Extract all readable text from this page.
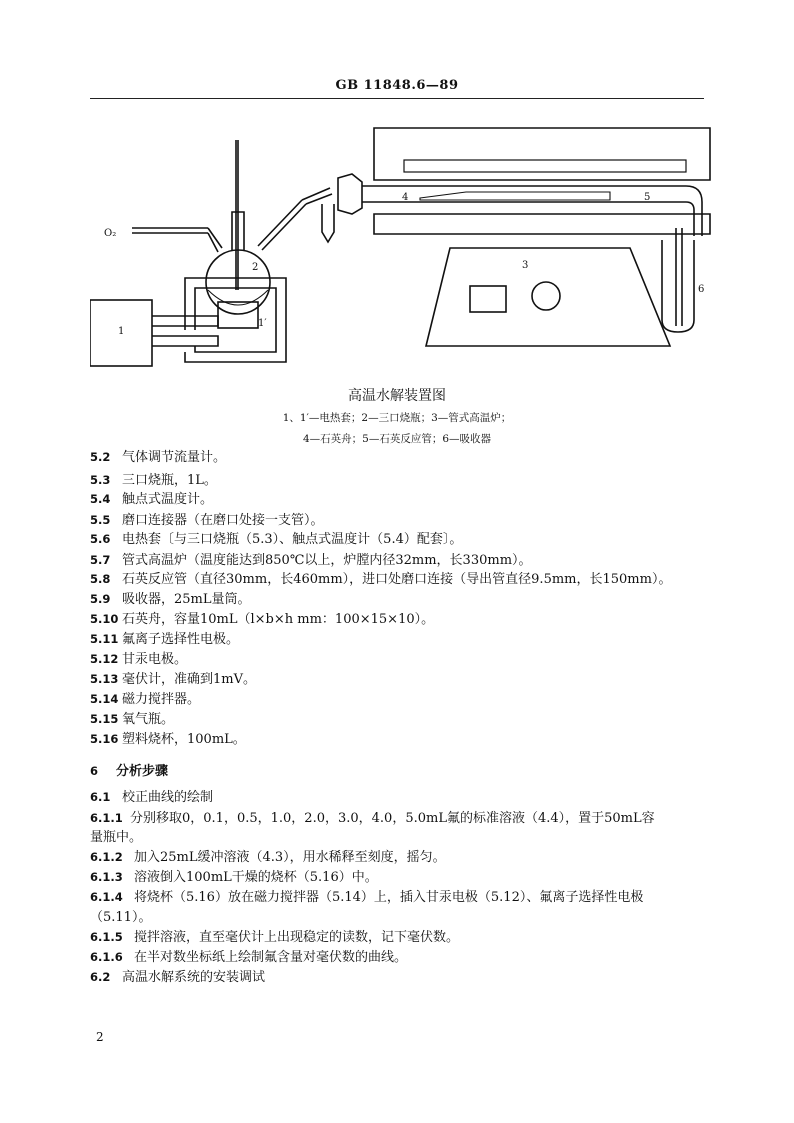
GB 11848.6—89
O₂
1
1′
2	3
4	5
6
高温水解装置图
1、1′—电热套；2—三口烧瓶；3—管式高温炉；
4—石英舟；5—石英反应管；6—吸收器
5.2 气体调节流量计。
5.3 三口烧瓶，1L。
5.4 触点式温度计。
5.5 磨口连接器（在磨口处接一支管）。
5.6 电热套〔与三口烧瓶（5.3）、触点式温度计（5.4）配套〕。
5.7 管式高温炉（温度能达到850℃以上，炉膛内径32mm，长330mm）。
5.8 石英反应管（直径30mm，长460mm），进口处磨口连接（导出管直径9.5mm，长150mm）。
5.9 吸收器，25mL量筒。
5.10 石英舟，容量10mL（l×b×h mm：100×15×10）。
5.11 氟离子选择性电极。
5.12 甘汞电极。
5.13 毫伏计，准确到1mV。
5.14 磁力搅拌器。
5.15 氧气瓶。
5.16 塑料烧杯，100mL。
6 分析步骤
6.1 校正曲线的绘制
6.1.1 分别移取0，0.1，0.5，1.0，2.0，3.0，4.0，5.0mL氟的标准溶液（4.4），置于50mL容
量瓶中。
6.1.2 加入25mL缓冲溶液（4.3），用水稀释至刻度，摇匀。
6.1.3 溶液倒入100mL干燥的烧杯（5.16）中。
6.1.4 将烧杯（5.16）放在磁力搅拌器（5.14）上，插入甘汞电极（5.12）、氟离子选择性电极
（5.11）。
6.1.5 搅拌溶液，直至毫伏计上出现稳定的读数，记下毫伏数。
6.1.6 在半对数坐标纸上绘制氟含量对毫伏数的曲线。
6.2 高温水解系统的安装调试
2
